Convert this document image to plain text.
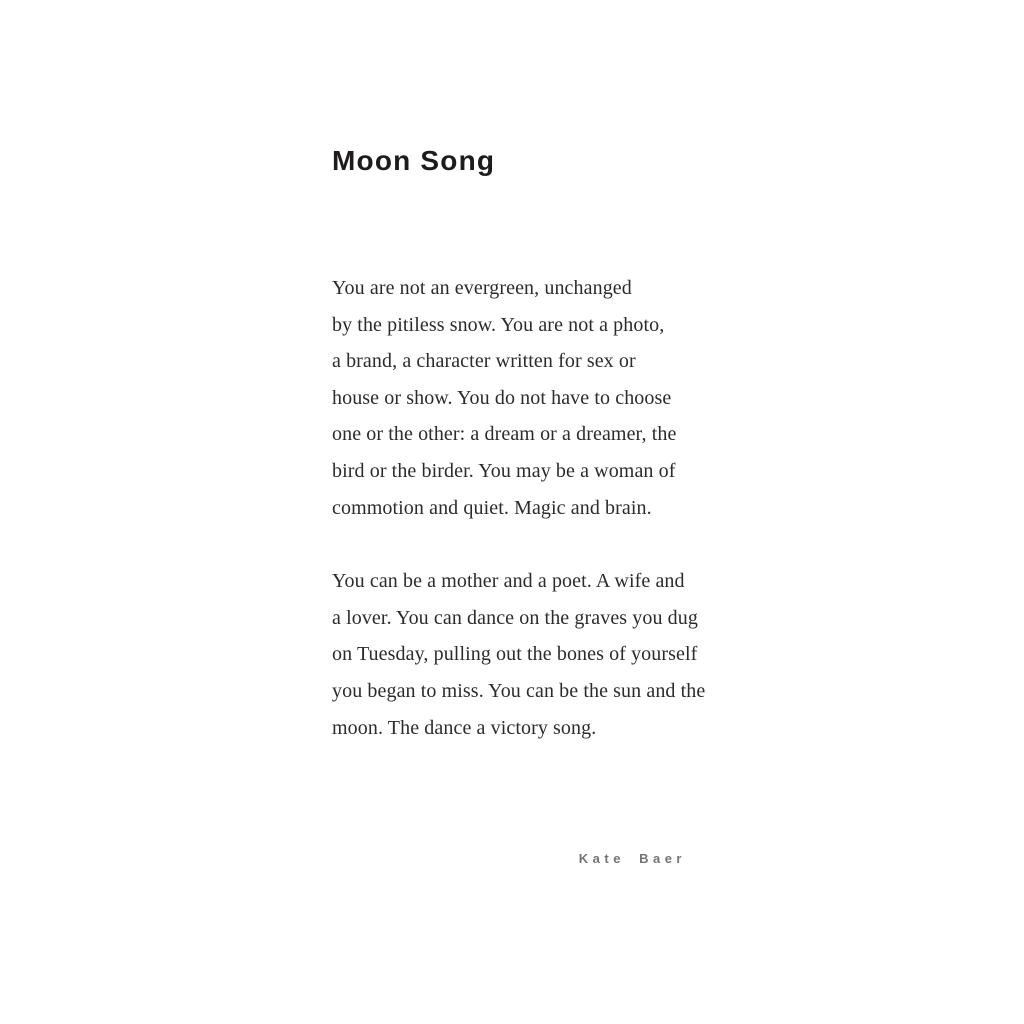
Moon Song

You are not an evergreen, unchanged

by the pitiless snow. You are not a photo,

a brand, a character written for sex or

house or show. You do not have to choose

one or the other: a dream or a dreamer, the

bird or the birder. You may be a woman of

commotion and quiet. Magic and brain.

You can be a mother and a poet. A wife and

a lover. You can dance on the graves you dug

on Tuesday, pulling out the bones of yourself

you began to miss. You can be the sun and the

moon. The dance a victory song.

Kate Baer
